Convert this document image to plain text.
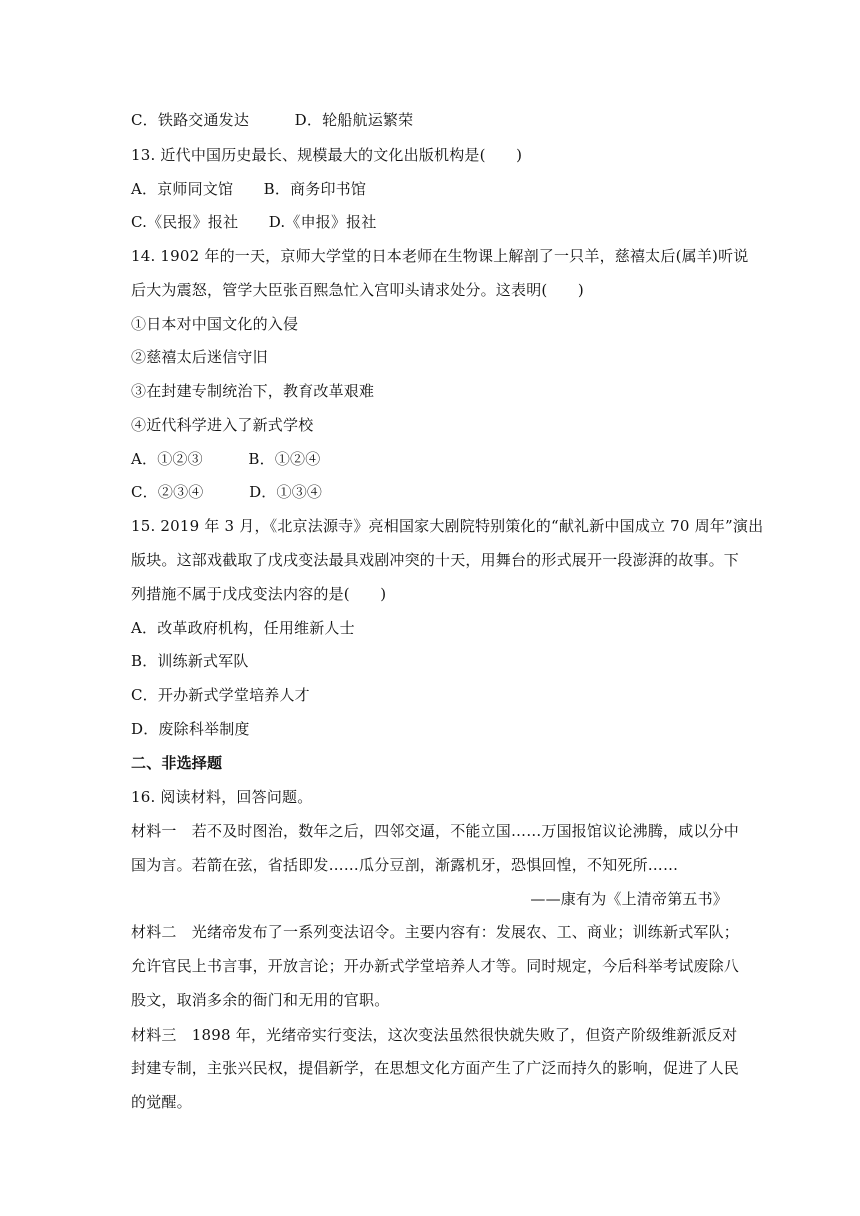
C．铁路交通发达　　　D．轮船航运繁荣
13. 近代中国历史最长、规模最大的文化出版机构是(　　)
A．京师同文馆　　B．商务印书馆
C.《民报》报社　　D.《申报》报社
14. 1902 年的一天，京师大学堂的日本老师在生物课上解剖了一只羊，慈禧太后(属羊)听说
后大为震怒，管学大臣张百熙急忙入宫叩头请求处分。这表明(　　)
①日本对中国文化的入侵
②慈禧太后迷信守旧
③在封建专制统治下，教育改革艰难
④近代科学进入了新式学校
A．①②③　　　B．①②④
C．②③④　　　D．①③④
15. 2019 年 3 月，《北京法源寺》亮相国家大剧院特别策化的“献礼新中国成立 70 周年”演出
版块。这部戏截取了戊戌变法最具戏剧冲突的十天，用舞台的形式展开一段澎湃的故事。下
列措施不属于戊戌变法内容的是(　　)
A．改革政府机构，任用维新人士
B．训练新式军队
C．开办新式学堂培养人才
D．废除科举制度
二、非选择题
16. 阅读材料，回答问题。
材料一　若不及时图治，数年之后，四邻交逼，不能立国……万国报馆议论沸腾，咸以分中
国为言。若箭在弦，省括即发……瓜分豆剖，渐露机牙，恐惧回惶，不知死所……
——康有为《上清帝第五书》
材料二　光绪帝发布了一系列变法诏令。主要内容有：发展农、工、商业；训练新式军队；
允许官民上书言事，开放言论；开办新式学堂培养人才等。同时规定，今后科举考试废除八
股文，取消多余的衙门和无用的官职。
材料三　1898 年，光绪帝实行变法，这次变法虽然很快就失败了，但资产阶级维新派反对
封建专制，主张兴民权，提倡新学，在思想文化方面产生了广泛而持久的影响，促进了人民
的觉醒。
